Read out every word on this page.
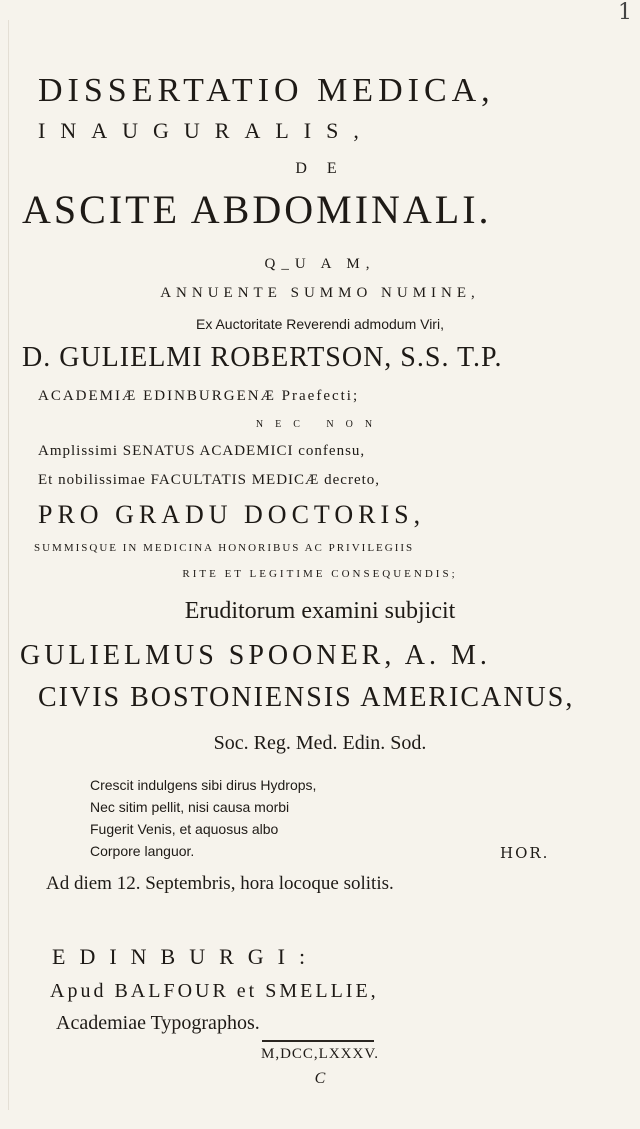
1
DISSERTATIO MEDICA,
INAUGURALIS,
D E
ASCITE ABDOMINALI.
Q_U A M,
ANNUENTE SUMMO NUMINE,
Ex Auctoritate Reverendi admodum Viri,
D. GULIELMI ROBERTSON, S.S. T.P.
ACADEMIÆ EDINBURGENÆ Praefecti;
NEC NON
Amplissimi SENATUS ACADEMICI confensu,
Et nobilissimae FACULTATIS MEDICÆ decreto,
PRO GRADU DOCTORIS,
SUMMISQUE IN MEDICINA HONORIBUS AC PRIVILEGIIS
RITE ET LEGITIME CONSEQUENDIS;
Eruditorum examini subjicit
GULIELMUS SPOONER, A. M.
CIVIS BOSTONIENSIS AMERICANUS,
Soc. Reg. Med. Edin. Sod.
Crescit indulgens sibi dirus Hydrops,
Nec sitim pellit, nisi causa morbi
Fugerit Venis, et aquosus albo
Corpore languor.	HOR.
Ad diem 12. Septembris, hora locoque solitis.
EDINBURGI:
Apud BALFOUR et SMELLIE,
Academiae Typographos.
M,DCC,LXXXV.
C
